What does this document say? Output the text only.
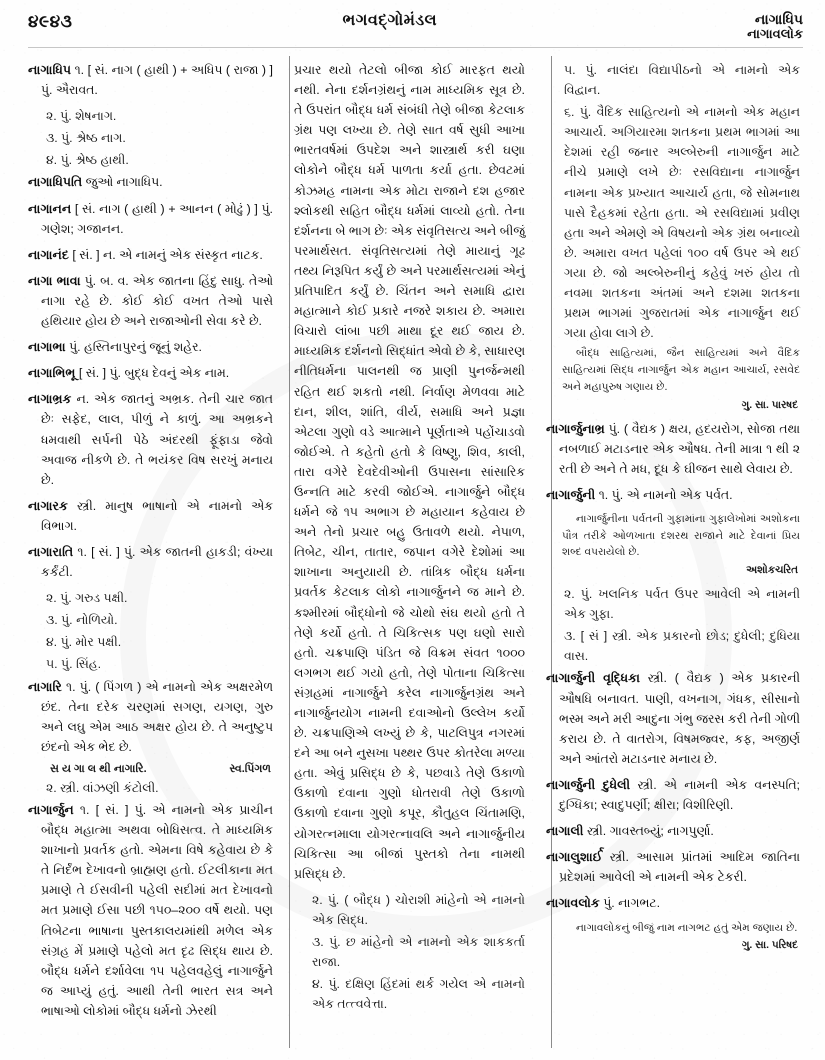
૪૯૪૩	ભગવદ્ગોમંડલ	નાગાધિપ
નાગાવલોક

નાગાધિપ ૧. [ સં. નાગ ( હાથી ) + અધિપ ( રાજા ) ] પું. ઐરાવત.

૨. પું. શેષનાગ.

૩. પું. શ્રેષ્ઠ નાગ.

૪. પું. શ્રેષ્ઠ હાથી.

નાગાધિપતિ જુઓ નાગાધિપ.

નાગાનન [ સં. નાગ ( હાથી ) + આનન ( મોઢું ) ] પું. ગણેશ; ગજાનન.

નાગાનંદ [ સં. ] ન. એ નામનું એક સંસ્કૃત નાટક.

નાગા ભાવા પું. બ. વ. એક જાતના હિંદુ સાધુ. તેઓ નાગા રહે છે. કોઈ કોઈ વખત તેઓ પાસે હથિયાર હોય છે અને રાજાઓની સેવા કરે છે.

નાગાભા પું. હસ્તિનાપુરનું જૂનું શહેર.

નાગાભિભૂ [ સં. ] પું. બુદ્ધ દેવનું એક નામ.

નાગાભ્રક ન. એક જાતનું અભ્રક. તેની ચાર જાત છેઃ સફેદ, લાલ, પીળું ને કાળું. આ અભ્રકને ધમવાથી સર્પની પેઠે અંદરથી ફૂંફાડા જેવો અવાજ નીકળે છે. તે ભયંકર વિષ સરખું મનાય છે.

નાગારક સ્ત્રી. માનુષ ભાષાનો એ નામનો એક વિભાગ.

નાગારાતિ ૧. [ સં. ] પું. એક જાતની હાકડી; વંખ્યા કર્કંટી.

૨. પું. ગરુડ પક્ષી.

૩. પું. નોળિયો.

૪. પું. મોર પક્ષી.

૫. પું. સિંહ.

નાગારિ ૧. પું. ( પિંગળ ) એ નામનો એક અક્ષરમેળ છંદ. તેના દરેક ચરણમાં સગણ, યગણ, ગુરુ અને લઘુ એમ આઠ અક્ષર હોય છે. તે અનુષ્ટુપ છંદનો એક ભેદ છે.

સ ય ગા લ થી નાગારિ.	સ્વ.પિંગળ

૨. સ્ત્રી. વાંઝણી કંટોલી.

નાગાર્જુન ૧. [ સં. ] પું. એ નામનો એક પ્રાચીન બૌદ્ધ મહાત્મા અથવા બોધિસત્વ. તે માધ્યમિક શાખાનો પ્રવર્તક હતો. એમના વિષે કહેવાય છે કે તે નિર્દંભ દેખાવનો બ્રાહ્મણ હતો. ઈટલીકાના મત પ્રમાણે તે ઈસવીની પહેલી સદીમાં મત દેખાવનો મત પ્રમાણે ઈસા પછી ૧૫૦–૨૦૦ વર્ષે થયો. પણ તિબેટના ભાષાના પુસ્તકાલયમાંથી મળેલ એક સંગ્રહ મેં પ્રમાણે પહેલો મત દૃઢ સિદ્ધ થાય છે. બૌદ્ધ ધર્મને દર્શાવેલા ૧૫ પહેલવહેલું નાગાર્જુને જ આપ્યું હતું. આથી તેની ભારત સત્ર અને ભાષાઓ લોકોમાં બૌદ્ધ ધર્મનો ઝેરથી

પ્રચાર થયો તેટલો બીજા કોઈ મારફત થયો નથી. નેના દર્શનગ્રંથનું નામ માધ્યમિક સૂત્ર છે. તે ઉપરાંત બૌદ્ધ ધર્મ સંબંધી તેણે બીજા કેટલાક ગ્રંથ પણ લખ્યા છે. તેણે સાત વર્ષ સુધી આખા ભારતવર્ષમાં ઉપદેશ અને શાસ્ત્રાર્થ કરી ઘણા લોકોને બૌદ્ધ ધર્મ પાળતા કર્યા હતા. છેવટમાં કોઝમહ નામના એક મોટા રાજાને દશ હજાર શ્લોકથી સહિત બૌદ્ધ ધર્મમાં લાવ્યો હતો. તેના દર્શનના બે ભાગ છેઃ એક સંવૃતિસત્ય અને બીજું પરમાર્થસત. સંવૃતિસત્યમાં તેણે માયાનું ગૂઢ તથ્ય નિરૂપિત કર્યું છે અને પરમાર્થસત્યમાં એનું પ્રતિપાદિત કર્યું છે. ચિંતન અને સમાધિ દ્વારા મહાત્માને કોઈ પ્રકારે નજરે શકાય છે. અમારા વિચારો લાંબા પછી માથા દૂર થઈ જાય છે. માધ્યમિક દર્શનનો સિદ્ધાંત એવો છે કે, સાધારણ નીતિધર્મના પાલનથી જ પ્રાણી પુનર્જન્મથી રહિત થઈ શકતો નથી. નિર્વાણ મેળવવા માટે દાન, શીલ, શાંતિ, વીર્ય, સમાધિ અને પ્રજ્ઞા એટલા ગુણો વડે આત્માને પૂર્ણતાએ પહોંચાડવો જોઈએ. તે કહેતો હતો કે વિષ્ણુ, શિવ, કાલી, તારા વગેરે દેવદેવીઓની ઉપાસના સાંસારિક ઉન્નતિ માટે કરવી જોઈએ. નાગાર્જુને બૌદ્ધ ધર્મને જે ૧૫ અભાગ છે મહાયાન કહેવાય છે અને તેનો પ્રચાર બહુ ઉતાવળે થયો. નેપાળ, તિબેટ, ચીન, તાતાર, જપાન વગેરે દેશોમાં આ શાખાના અનુયાયી છે. તાંત્રિક બૌદ્ધ ધર્મના પ્રવર્તક કેટલાક લોકો નાગાર્જુનને જ માને છે. કશ્મીરમાં બૌદ્ધોનો જે ચોથો સંઘ થયો હતો તે તેણે કર્યો હતો. તે ચિકિત્સક પણ ઘણો સારો હતો. ચક્રપાણિ પંડિત જે વિક્રમ સંવત ૧૦૦૦ લગભગ થઈ ગયો હતો, તેણે પોતાના ચિકિત્સા સંગ્રહમાં નાગાર્જુને કરેલ નાગાર્જુનગ્રંથ અને નાગાર્જુનયોગ નામની દવાઓનો ઉલ્લેખ કર્યો છે. ચક્રપાણિએ લખ્યું છે કે, પાટલિપુત્ર નગરમાં દને આ બને નુસખા પથ્થર ઉપર કોતરેલા મળ્યા હતા. એવું પ્રસિદ્ધ છે કે, પછવાડે તેણે ઉકાળો ઉકાળો દવાના ગુણો ધોતરાવી તેણે ઉકાળો ઉકાળો દવાના ગુણો કપૂર, કૌતુહલ ચિંતામણિ, યોગરત્નમાલા યોગરત્નાવલિ અને નાગાર્જુનીય ચિકિત્સા આ બીજાં પુસ્તકો તેના નામથી પ્રસિદ્ધ છે.

૨. પું. ( બૌદ્ધ ) ચોરાશી માંહેનો એ નામનો એક સિદ્ધ.

૩. પું. છ માંહેનો એ નામનો એક શાકકર્તા રાજા.

૪. પું. દક્ષિણ હિંદમાં થર્ક ગયેલ એ નામનો એક તત્ત્વવેત્તા.

૫. પું. નાલંદા વિદ્યાપીઠનો એ નામનો એક વિદ્વાન.

૬. પું. વૈદિક સાહિત્યનો એ નામનો એક મહાન આચાર્ય. અગિયારમા શતકના પ્રથમ ભાગમાં આ દેશમાં રહી જનાર અલ્બેરુની નાગાર્જુન માટે નીચે પ્રમાણે લખે છેઃ રસવિદ્યાના નાગાર્જુન નામના એક પ્રખ્યાત આચાર્ય હતા, જે સોમનાથ પાસે દૈહકમાં રહેતા હતા. એ રસવિદ્યામાં પ્રવીણ હતા અને એમણે એ વિષયનો એક ગ્રંથ બનાવ્યો છે. અમારા વખત પહેલાં ૧૦૦ વર્ષ ઉપર એ થઈ ગયા છે. જો અલ્બેરુનીનું કહેવું ખરું હોય તો નવમા શતકના અંતમાં અને દશમા શતકના પ્રથમ ભાગમાં ગુજરાતમાં એક નાગાર્જુન થઈ ગયા હોવા લાગે છે.

બૌદ્ધ સાહિત્યમાં, જૈન સાહિત્યમાં અને વૈદિક સાહિત્યમાં સિદ્ધ નાગાર્જુન એક મહાન આચાર્ય, રસવેદ અને મહાપુરુષ ગણાય છે.

ગુ. સા. પારષદ

નાગાર્જુનાભ્ર પું. ( વૈદ્યક ) ક્ષય, હદયરોગ, સોજા તથા નબળાઈ મટાડનાર એક ઔષધ. તેની માત્રા ૧ થી ૨ રતી છે અને તે મધ, દૂધ કે ઘીજન સાથે લેવાય છે.

નાગાર્જુની ૧. પું. એ નામનો એક પર્વત.

નાગાર્જુનીના પર્વતની ગુફામાંના ગુફાલેખોમાં અશોકના પૌત્ર તરીકે ઓળખાતા દશરથ રાજાને માટે દેવાનાં પ્રિય શબ્દ વપરાયેલો છે.

અશોકચરિત

૨. પું. ખલનિક પર્વત ઉપર આવેલી એ નામની એક ગુફા.

૩. [ સં ] સ્ત્રી. એક પ્રકારનો છોડ; દુધેલી; દુધિયા વાસ.

નાગાર્જુની વૃદ્ધિકા સ્ત્રી. ( વૈદ્યક ) એક પ્રકારની ઔષધિ બનાવત. પાણી, વખનાગ, ગંધક, સીસાનો ભસ્મ અને મરી આદુના ગંભુ જરસ કરી તેની ગોળી કરાય છે. તે વાતરોગ, વિષમજ્વર, કફ, અજીર્ણ અને આંતરો મટાડનાર મનાય છે.

નાગાર્જુની દુધેલી સ્ત્રી. એ નામની એક વનસ્પતિ; દુગ્ધિકા; સ્વાદુપર્ણી; ક્ષીરા; વિશીરિણી.

નાગાલી સ્ત્રી. ગાવસ્તબ્યું; નાગપુર્ણા.

નાગાલુશાર્ઈ સ્ત્રી. આસામ પ્રાંતમાં આદિમ જાતિના પ્રદેશમાં આવેલી એ નામની એક ટેકરી.

નાગાવલોક પું. નાગભટ.

નાગાવલોકનું બીજું નામ નાગભટ હતું એમ જણાય છે.

ગુ. સા. પરિષદ
